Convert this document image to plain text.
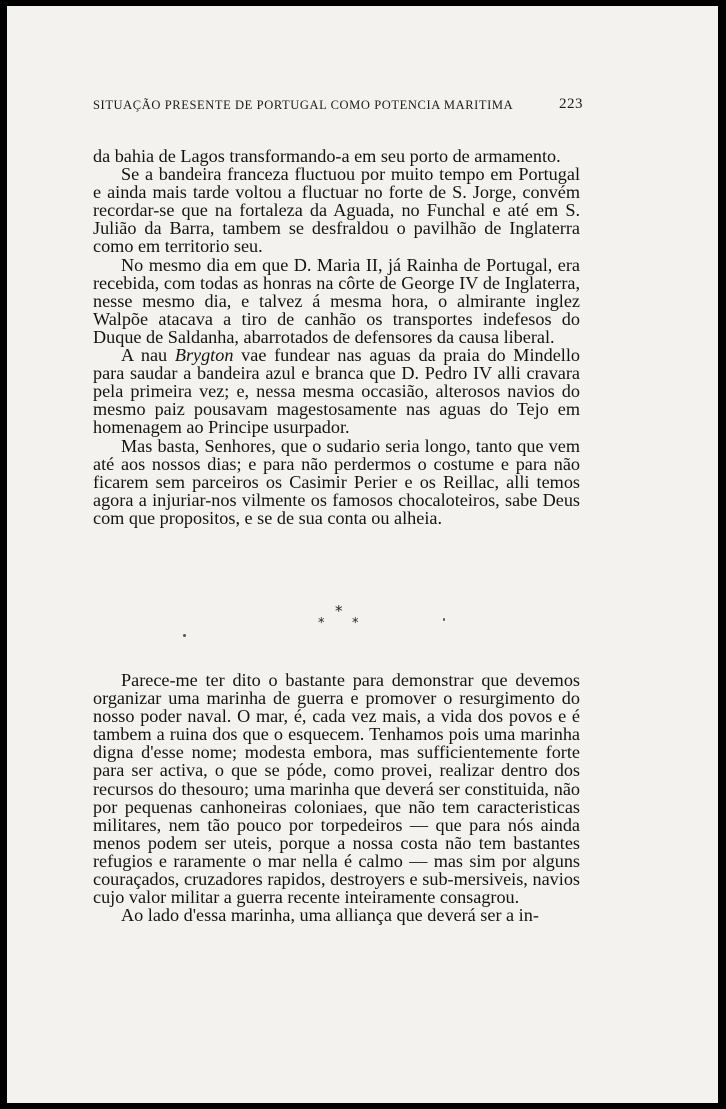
SITUAÇÃO PRESENTE DE PORTUGAL COMO POTENCIA MARITIMA	223

da bahia de Lagos transformando-a em seu porto de armamento.

Se a bandeira franceza fluctuou por muito tempo em Portugal e ainda mais tarde voltou a fluctuar no forte de S. Jorge, convém recordar-se que na fortaleza da Aguada, no Funchal e até em S. Julião da Barra, tambem se desfraldou o pavilhão de Inglaterra como em territorio seu.

No mesmo dia em que D. Maria II, já Rainha de Portugal, era recebida, com todas as honras na côrte de George IV de Inglaterra, nesse mesmo dia, e talvez á mesma hora, o almirante inglez Walpõe atacava a tiro de canhão os transportes indefesos do Duque de Saldanha, abarrotados de defensores da causa liberal.

A nau Brygton vae fundear nas aguas da praia do Mindello para saudar a bandeira azul e branca que D. Pedro IV alli cravara pela primeira vez; e, nessa mesma occasião, alterosos navios do mesmo paiz pousavam magestosamente nas aguas do Tejo em homenagem ao Principe usurpador.

Mas basta, Senhores, que o sudario seria longo, tanto que vem até aos nossos dias; e para não perdermos o costume e para não ficarem sem parceiros os Casimir Perier e os Reillac, alli temos agora a injuriar-nos vilmente os famosos chocaloteiros, sabe Deus com que propositos, e se de sua conta ou alheia.

*
* *

Parece-me ter dito o bastante para demonstrar que devemos organizar uma marinha de guerra e promover o resurgimento do nosso poder naval. O mar, é, cada vez mais, a vida dos povos e é tambem a ruina dos que o esquecem. Tenhamos pois uma marinha digna d'esse nome; modesta embora, mas sufficientemente forte para ser activa, o que se póde, como provei, realizar dentro dos recursos do thesouro; uma marinha que deverá ser constituida, não por pequenas canhoneiras coloniaes, que não tem caracteristicas militares, nem tão pouco por torpedeiros — que para nós ainda menos podem ser uteis, porque a nossa costa não tem bastantes refugios e raramente o mar nella é calmo — mas sim por alguns couraçados, cruzadores rapidos, destroyers e sub-mersiveis, navios cujo valor militar a guerra recente inteiramente consagrou.

Ao lado d'essa marinha, uma alliança que deverá ser a in-
